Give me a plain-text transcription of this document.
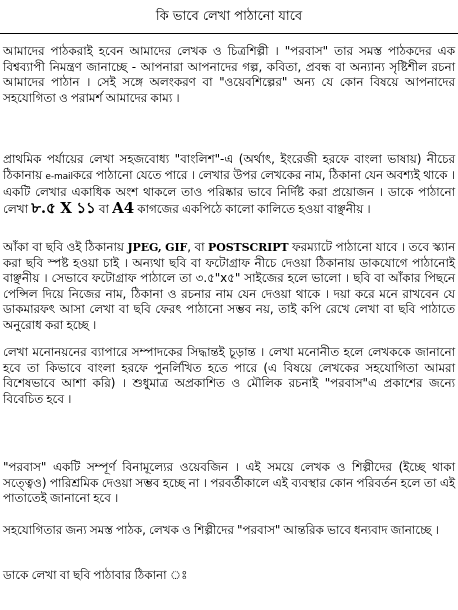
কি ভাবে লেখা পাঠানো যাবে
আমাদের পাঠকরাই হবেন আমাদের লেখক ও চিত্রশিল্পী । "পরবাস" তার সমস্ত পাঠকদের এক বিশ্বব্যাপী নিমন্ত্রণ জানাচ্ছে - আপনারা আপনাদের গল্প, কবিতা, প্রবন্ধ বা অন্যান্য সৃষ্টিশীল রচনা আমাদের পাঠান । সেই সঙ্গে অলংকরণ বা "ওয়েবশিল্পের" অন্য যে কোন বিষয়ে আপনাদের সহযোগিতা ও পরামর্শ আমাদের কাম্য ।
প্রাথমিক পর্যায়ের লেখা সহজবোধ্য "বাংলিশ"-এ (অর্থাৎ, ইংরেজী হরফে বাংলা ভাষায়) নীচের ঠিকানায় e-mailকরে পাঠানো যেতে পারে । লেখার উপর লেখকের নাম, ঠিকানা যেন অবশ্যই থাকে । একটি লেখার একাধিক অংশ থাকলে তাও পরিষ্কার ভাবে নির্দিষ্ট করা প্রয়োজন । ডাকে পাঠানো লেখা ৮.৫ X ১১ বা A4 কাগজের একপিঠে কালো কালিতে হওয়া বাঞ্ছনীয় ।
আঁকা বা ছবি ওই ঠিকানায় JPEG, GIF, বা POSTSCRIPT ফরম্যাটে পাঠানো যাবে । তবে স্ক্যান করা ছবি স্পষ্ট হওয়া চাই । অন্যথা ছবি বা ফটোগ্রাফ নীচে দেওয়া ঠিকানায় ডাকযোগে পাঠানোই বাঞ্ছনীয় । সেভাবে ফটোগ্রাফ পাঠালে তা ৩.৫"x৫" সাইজের হলে ভালো । ছবি বা আঁকার পিছনে পেন্সিল দিয়ে নিজের নাম, ঠিকানা ও রচনার নাম যেন দেওয়া থাকে । দয়া করে মনে রাখবেন যে ডাকমারফৎ আসা লেখা বা ছবি ফেরৎ পাঠানো সম্ভব নয়, তাই কপি রেখে লেখা বা ছবি পাঠাতে অনুরোধ করা হচ্ছে ।
লেখা মনোনয়নের ব্যাপারে সম্পাদকের সিদ্ধান্তই চূড়ান্ত । লেখা মনোনীত হলে লেখককে জানানো হবে তা কিভাবে বাংলা হরফে পুনর্লিখিত হতে পারে (এ বিষয়ে লেখকের সহযোগিতা আমরা বিশেষভাবে আশা করি) । শুধুমাত্র অপ্রকাশিত ও মৌলিক রচনাই "পরবাস"এ প্রকাশের জন্যে বিবেচিত হবে ।
"পরবাস" একটি সম্পূর্ণ বিনামূল্যের ওয়েবজিন । এই সময়ে লেখক ও শিল্পীদের (ইচ্ছে থাকা সত্ত্বেও) পারিশ্রমিক দেওয়া সম্ভব হচ্ছে না । পরবর্তীকালে এই ব্যবস্থার কোন পরিবর্তন হলে তা এই পাতাতেই জানানো হবে ।
সহযোগিতার জন্য সমস্ত পাঠক, লেখক ও শিল্পীদের "পরবাস" আন্তরিক ভাবে ধন্যবাদ জানাচ্ছে ।
ডাকে লেখা বা ছবি পাঠাবার ঠিকানা ঃ
